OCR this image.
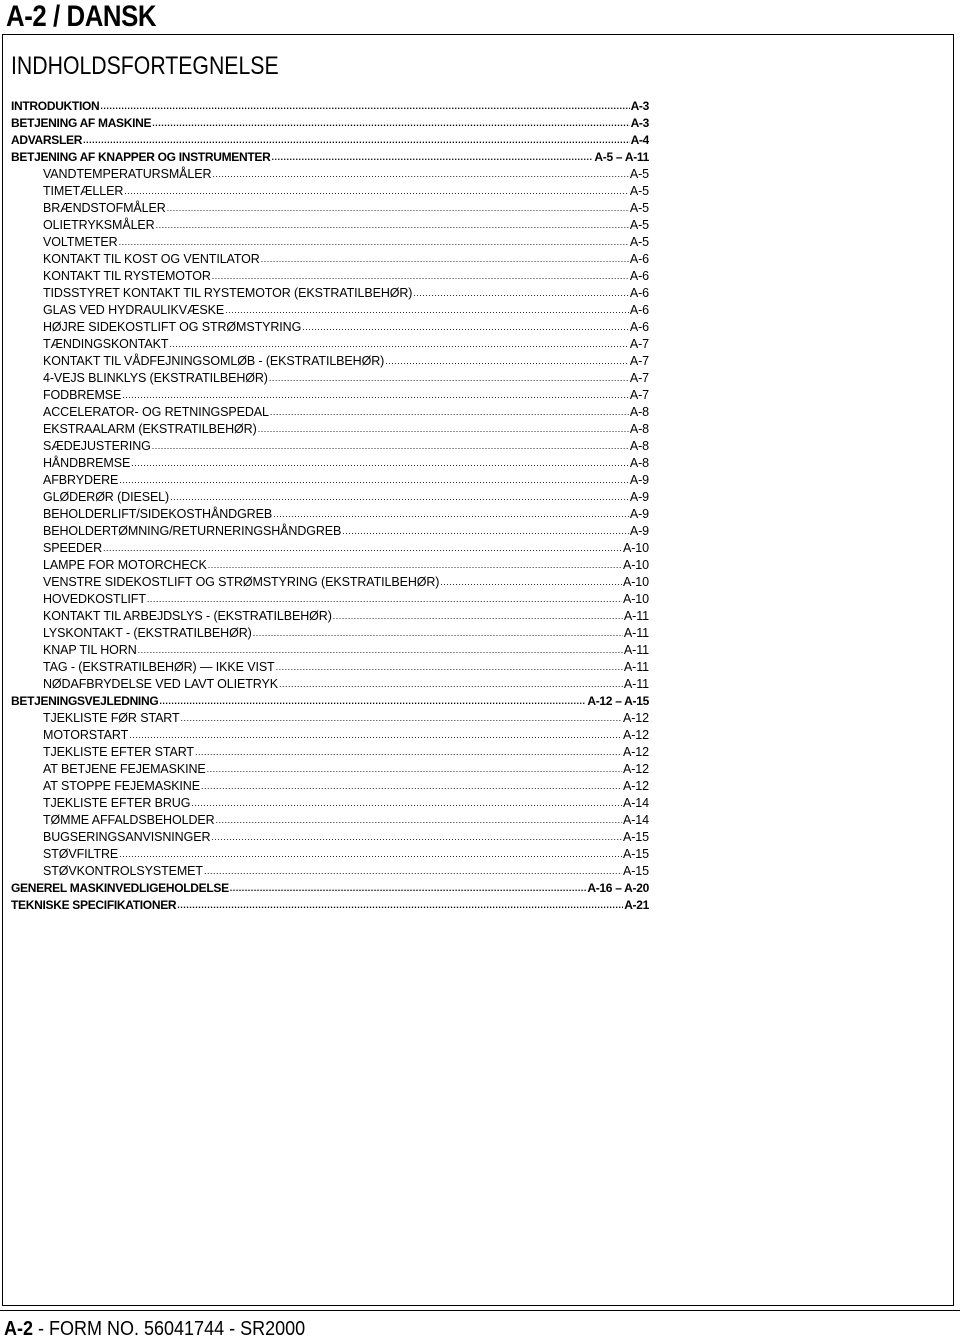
A-2 / DANSK
INDHOLDSFORTEGNELSE
INTRODUKTION .....	A-3
BETJENING AF MASKINE .....	A-3
ADVARSLER .....	A-4
BETJENING AF KNAPPER OG INSTRUMENTER .....	A-5 – A-11
VANDTEMPERATURSMÅLER .....	A-5
TIMETÆLLER .....	A-5
BRÆNDSTOFMÅLER .....	A-5
OLIETRYKSMÅLER .....	A-5
VOLTMETER .....	A-5
KONTAKT TIL KOST OG VENTILATOR .....	A-6
KONTAKT TIL RYSTEMOTOR .....	A-6
TIDSSTYRET KONTAKT TIL RYSTEMOTOR (EKSTRATILBEHØR) .....	A-6
GLAS VED HYDRAULIKVÆSKE .....	A-6
HØJRE SIDEKOSTLIFT OG STRØMSTYRING .....	A-6
TÆNDINGSKONTAKT .....	A-7
KONTAKT TIL VÅDFEJNINGSOMLØB - (EKSTRATILBEHØR) .....	A-7
4-VEJS BLINKLYS (EKSTRATILBEHØR) .....	A-7
FODBREMSE .....	A-7
ACCELERATOR- OG RETNINGSPEDAL .....	A-8
EKSTRAALARM (EKSTRATILBEHØR) .....	A-8
SÆDEJUSTERING .....	A-8
HÅNDBREMSE .....	A-8
AFBRYDERE .....	A-9
GLØDERØR (DIESEL) .....	A-9
BEHOLDERLIFT/SIDEKOSTHÅNDGREB .....	A-9
BEHOLDERTØMNING/RETURNERINGSHÅNDGREB .....	A-9
SPEEDER .....	A-10
LAMPE FOR MOTORCHECK .....	A-10
VENSTRE SIDEKOSTLIFT OG STRØMSTYRING (EKSTRATILBEHØR) .....	A-10
HOVEDKOSTLIFT .....	A-10
KONTAKT TIL ARBEJDSLYS - (EKSTRATILBEHØR) .....	A-11
LYSKONTAKT - (EKSTRATILBEHØR) .....	A-11
KNAP TIL HORN .....	A-11
TAG - (EKSTRATILBEHØR) — IKKE VIST .....	A-11
NØDAFBRYDELSE VED LAVT OLIETRYK .....	A-11
BETJENINGSVEJLEDNING .....	A-12 – A-15
TJEKLISTE FØR START .....	A-12
MOTORSTART .....	A-12
TJEKLISTE EFTER START .....	A-12
AT BETJENE FEJEMASKINE .....	A-12
AT STOPPE FEJEMASKINE .....	A-12
TJEKLISTE EFTER BRUG .....	A-14
TØMME AFFALDSBEHOLDER .....	A-14
BUGSERINGSANVISNINGER .....	A-15
STØVFILTRE .....	A-15
STØVKONTROLSYSTEMET .....	A-15
GENEREL MASKINVEDLIGEHOLDELSE .....	A-16 – A-20
TEKNISKE SPECIFIKATIONER .....	A-21
A-2 - FORM NO. 56041744 - SR2000
